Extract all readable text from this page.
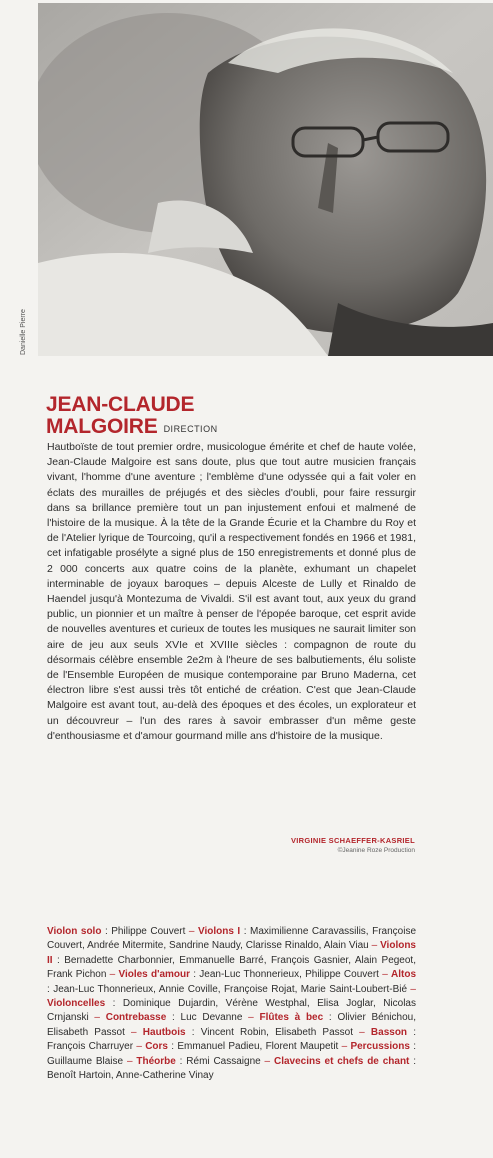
Danielle Pierre
JEAN-CLAUDE
MALGOIRE DIRECTION
Hautboïste de tout premier ordre, musicologue émérite et chef de haute volée, Jean-Claude Malgoire est sans doute, plus que tout autre musicien français vivant, l'homme d'une aventure ; l'emblème d'une odyssée qui a fait voler en éclats des murailles de préjugés et des siècles d'oubli, pour faire ressurgir dans sa brillance première tout un pan injustement enfoui et malmené de l'histoire de la musique. À la tête de la Grande Écurie et la Chambre du Roy et de l'Atelier lyrique de Tourcoing, qu'il a respectivement fondés en 1966 et 1981, cet infatigable prosélyte a signé plus de 150 enregistrements et donné plus de 2 000 concerts aux quatre coins de la planète, exhumant un chapelet interminable de joyaux baroques – depuis Alceste de Lully et Rinaldo de Haendel jusqu'à Montezuma de Vivaldi. S'il est avant tout, aux yeux du grand public, un pionnier et un maître à penser de l'épopée baroque, cet esprit avide de nouvelles aventures et curieux de toutes les musiques ne saurait limiter son aire de jeu aux seuls XVIe et XVIIIe siècles : compagnon de route du désormais célèbre ensemble 2e2m à l'heure de ses balbutiements, élu soliste de l'Ensemble Européen de musique contemporaine par Bruno Maderna, cet électron libre s'est aussi très tôt entiché de création. C'est que Jean-Claude Malgoire est avant tout, au-delà des époques et des écoles, un explorateur et un découvreur – l'un des rares à savoir embrasser d'un même geste d'enthousiasme et d'amour gourmand mille ans d'histoire de la musique.
VIRGINIE SCHAEFFER-KASRIEL
©Jeanine Roze Production
Violon solo : Philippe Couvert – Violons I : Maximilienne Caravassilis, Françoise Couvert, Andrée Mitermite, Sandrine Naudy, Clarisse Rinaldo, Alain Viau – Violons II : Bernadette Charbonnier, Emmanuelle Barré, François Gasnier, Alain Pegeot, Frank Pichon – Violes d'amour : Jean-Luc Thonnerieux, Philippe Couvert – Altos : Jean-Luc Thonnerieux, Annie Coville, Françoise Rojat, Marie Saint-Loubert-Bié – Violoncelles : Dominique Dujardin, Vérène Westphal, Elisa Joglar, Nicolas Crnjanski – Contrebasse : Luc Devanne – Flûtes à bec : Olivier Bénichou, Elisabeth Passot – Hautbois : Vincent Robin, Elisabeth Passot – Basson : François Charruyer – Cors : Emmanuel Padieu, Florent Maupetit – Percussions : Guillaume Blaise – Théorbe : Rémi Cassaigne – Clavecins et chefs de chant : Benoît Hartoin, Anne-Catherine Vinay
